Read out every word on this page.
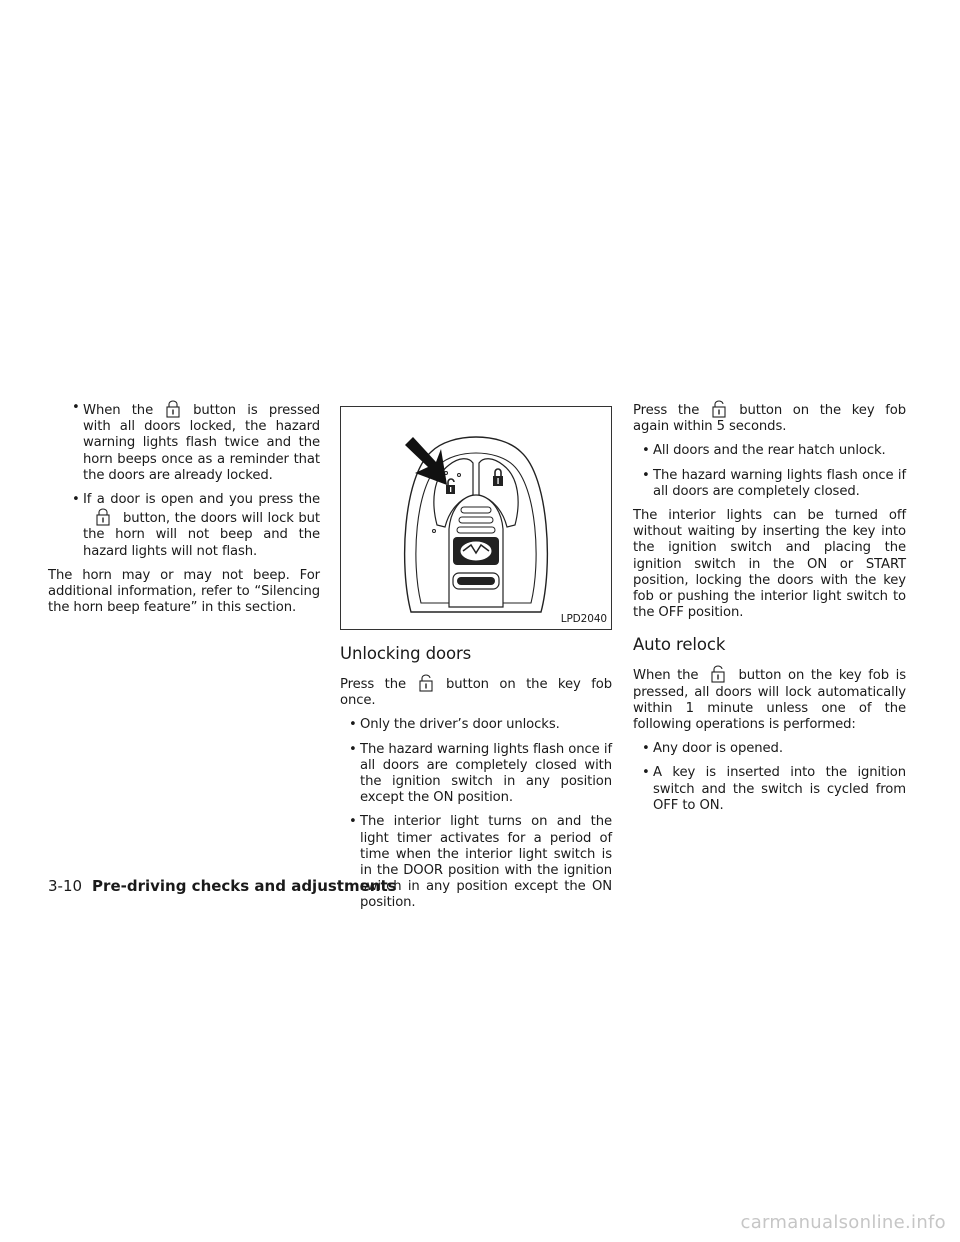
• When the	button is pressed with all doors locked, the hazard warning lights flash twice and the horn beeps once as a reminder that the doors are already locked.
• If a door is open and you press thebutton, the doors will lock but the horn will not beep and the hazard lights will not flash.

The horn may or may not beep. For additional information, refer to “Silencing the horn beep feature” in this section.

LPD2040
Unlocking doors

Press the	button on the key fob once.

• Only the driver’s door unlocks.
• The hazard warning lights flash once if all doors are completely closed with the ignition switch in any position except the ON position.
• The interior light turns on and the light timer activates for a period of time when the interior light switch is in the DOOR position with the ignition switch in any position except the ON position.

Press the	button on the key fob again within 5 seconds.

• All doors and the rear hatch unlock.
• The hazard warning lights flash once if all doors are completely closed.

The interior lights can be turned off without waiting by inserting the key into the ignition switch and placing the ignition switch in the ON or START position, locking the doors with the key fob or pushing the interior light switch to the OFF position.

Auto relock

When the	button on the key fob is pressed, all doors will lock automatically within 1 minute unless one of the following operations is performed:

• Any door is opened.
• A key is inserted into the ignition switch and the switch is cycled from OFF to ON.
3-10 Pre-driving checks and adjustments
carmanualsonline.info
